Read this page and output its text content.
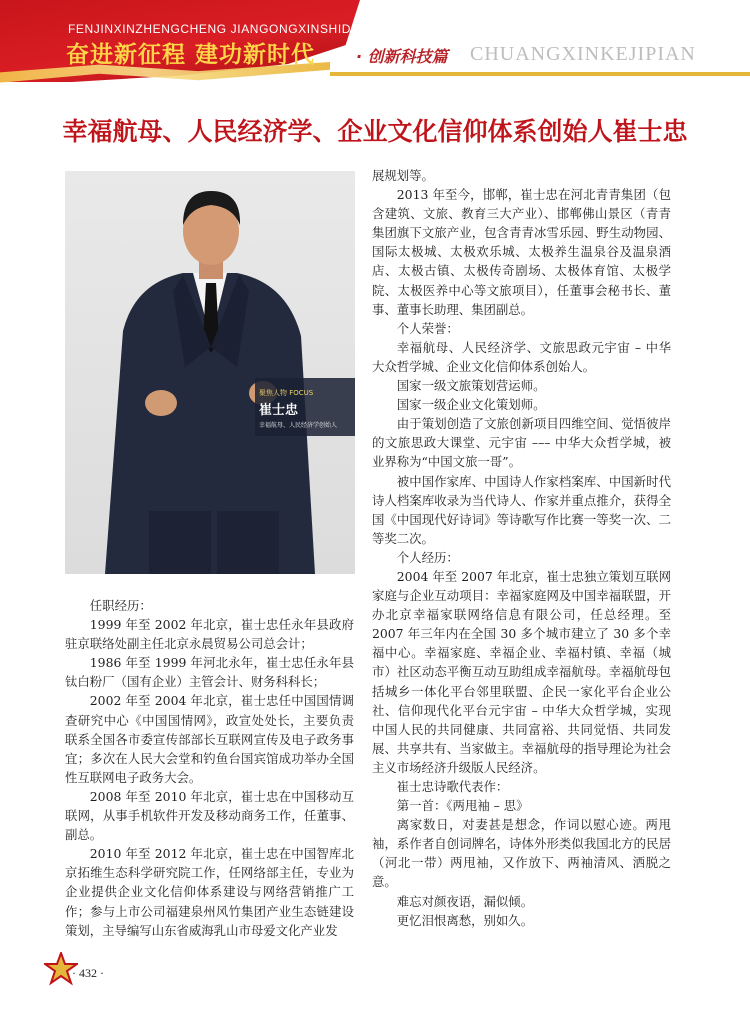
FENJINXINZHENGCHENG JIANGONGXINSHIDAI
奋进新征程 建功新时代	· 创新科技篇 CHUANGXINKEJIPIAN
幸福航母、人民经济学、企业文化信仰体系创始人崔士忠
聚焦人物 FOCUS
崔士忠
幸福航母、人民经济学创始人

任职经历：

1999 年至 2002 年北京，崔士忠任永年县政府驻京联络处副主任北京永晨贸易公司总会计；

1986 年至 1999 年河北永年，崔士忠任永年县钛白粉厂（国有企业）主管会计、财务科科长；

2002 年至 2004 年北京，崔士忠任中国国情调查研究中心《中国国情网》，政宣处处长，主要负责联系全国各市委宣传部部长互联网宣传及电子政务事宜；多次在人民大会堂和钓鱼台国宾馆成功举办全国性互联网电子政务大会。

2008 年至 2010 年北京，崔士忠在中国移动互联网，从事手机软件开发及移动商务工作，任董事、副总。

2010 年至 2012 年北京，崔士忠在中国智库北京拓维生态科学研究院工作，任网络部主任，专业为企业提供企业文化信仰体系建设与网络营销推广工作；参与上市公司福建泉州风竹集团产业生态链建设策划，主导编写山东省威海乳山市母爱文化产业发

展规划等。

2013 年至今，邯郸，崔士忠在河北青青集团（包含建筑、文旅、教育三大产业）、邯郸佛山景区（青青集团旗下文旅产业，包含青青冰雪乐园、野生动物园、国际太极城、太极欢乐城、太极养生温泉谷及温泉酒店、太极古镇、太极传奇剧场、太极体育馆、太极学院、太极医养中心等文旅项目），任董事会秘书长、董事、董事长助理、集团副总。

个人荣誉：

幸福航母、人民经济学、文旅思政元宇宙 – 中华大众哲学城、企业文化信仰体系创始人。

国家一级文旅策划营运师。

国家一级企业文化策划师。

由于策划创造了文旅创新项目四维空间、觉悟彼岸的文旅思政大课堂、元宇宙 ––– 中华大众哲学城，被业界称为“中国文旅一哥”。

被中国作家库、中国诗人作家档案库、中国新时代诗人档案库收录为当代诗人、作家并重点推介，获得全国《中国现代好诗词》等诗歌写作比赛一等奖一次、二等奖二次。

个人经历：

2004 年至 2007 年北京，崔士忠独立策划互联网家庭与企业互动项目：幸福家庭网及中国幸福联盟，开办北京幸福家联网络信息有限公司，任总经理。至 2007 年三年内在全国 30 多个城市建立了 30 多个幸福中心。幸福家庭、幸福企业、幸福村镇、幸福（城市）社区动态平衡互动互助组成幸福航母。幸福航母包括城乡一体化平台邻里联盟、企民一家化平台企业公社、信仰现代化平台元宇宙 – 中华大众哲学城，实现中国人民的共同健康、共同富裕、共同觉悟、共同发展、共享共有、当家做主。幸福航母的指导理论为社会主义市场经济升级版人民经济。

崔士忠诗歌代表作：

第一首：《两甩袖 – 思》

离家数日，对妻甚是想念，作词以慰心迹。两甩袖，系作者自创词牌名，诗体外形类似我国北方的民居（河北一带）两甩袖，又作放下、两袖清风、洒脱之意。

难忘对颜夜语，漏似倾。

更忆泪恨离愁，别如久。

· 432 ·
